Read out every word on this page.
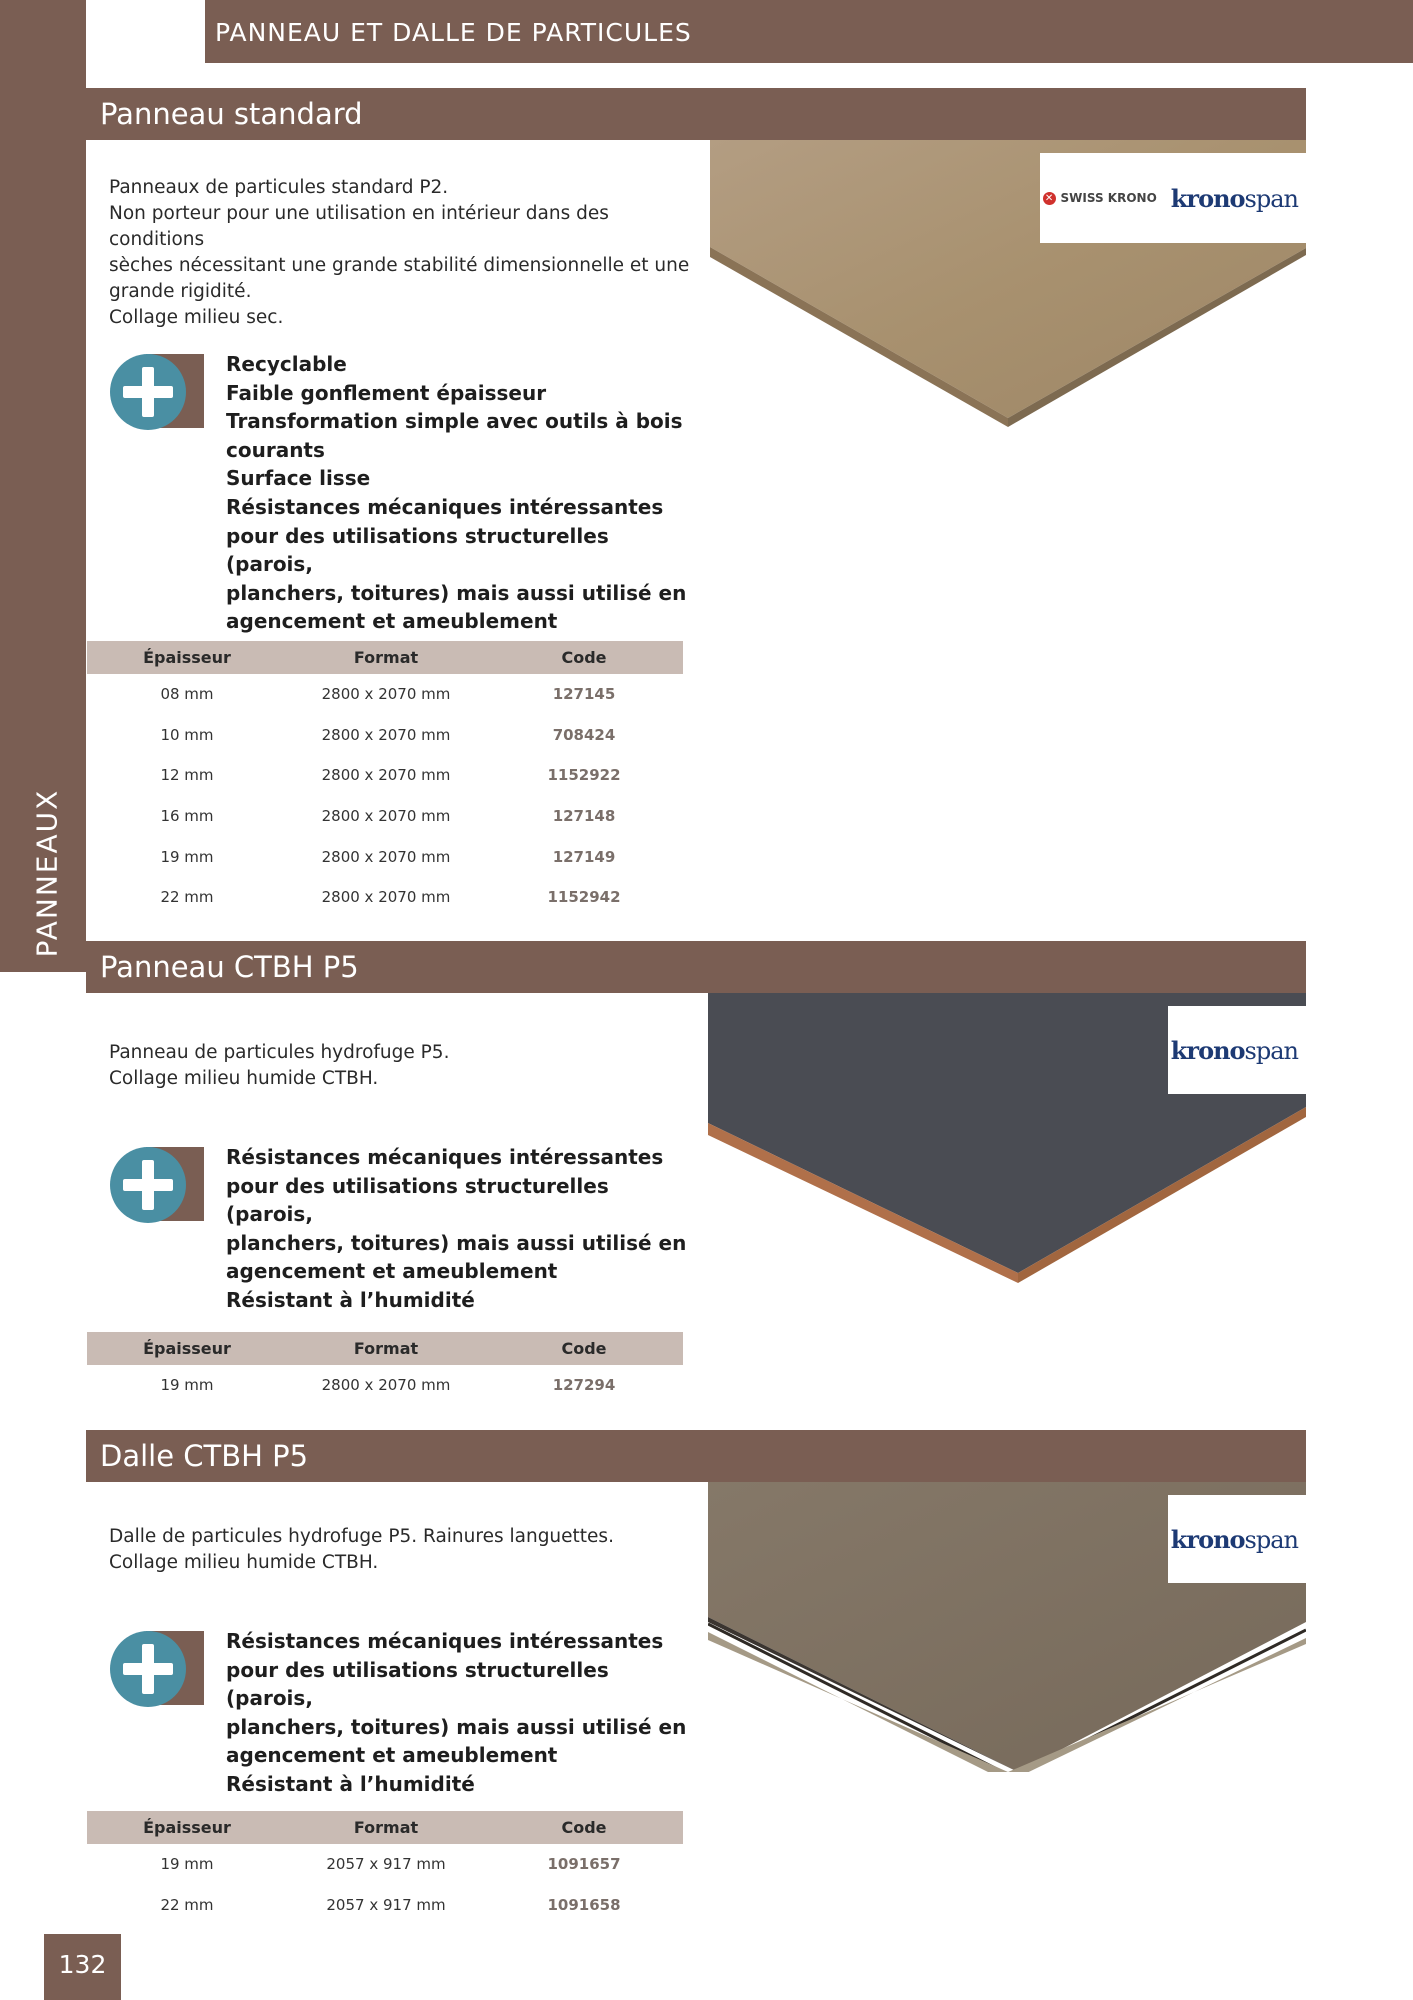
PANNEAUX
PANNEAU ET DALLE DE PARTICULES
Panneau standard
✕ SWISS KRONO kronospan
Panneaux de particules standard P2.
Non porteur pour une utilisation en intérieur dans des conditions
sèches nécessitant une grande stabilité dimensionnelle et une
grande rigidité.
Collage milieu sec.
Recyclable
Faible gonflement épaisseur
Transformation simple avec outils à bois
courants
Surface lisse
Résistances mécaniques intéressantes
pour des utilisations structurelles (parois,
planchers, toitures) mais aussi utilisé en
agencement et ameublement
Épaisseur	Format	Code
08 mm	2800 x 2070 mm	127145
10 mm	2800 x 2070 mm	708424
12 mm	2800 x 2070 mm	1152922
16 mm	2800 x 2070 mm	127148
19 mm	2800 x 2070 mm	127149
22 mm	2800 x 2070 mm	1152942
Panneau CTBH P5
kronospan
Panneau de particules hydrofuge P5.
Collage milieu humide CTBH.
Résistances mécaniques intéressantes
pour des utilisations structurelles (parois,
planchers, toitures) mais aussi utilisé en
agencement et ameublement
Résistant à l’humidité
Épaisseur	Format	Code
19 mm	2800 x 2070 mm	127294
Dalle CTBH P5
kronospan
Dalle de particules hydrofuge P5. Rainures languettes.
Collage milieu humide CTBH.
Résistances mécaniques intéressantes
pour des utilisations structurelles (parois,
planchers, toitures) mais aussi utilisé en
agencement et ameublement
Résistant à l’humidité
Épaisseur	Format	Code
19 mm	2057 x 917 mm	1091657
22 mm	2057 x 917 mm	1091658
132
